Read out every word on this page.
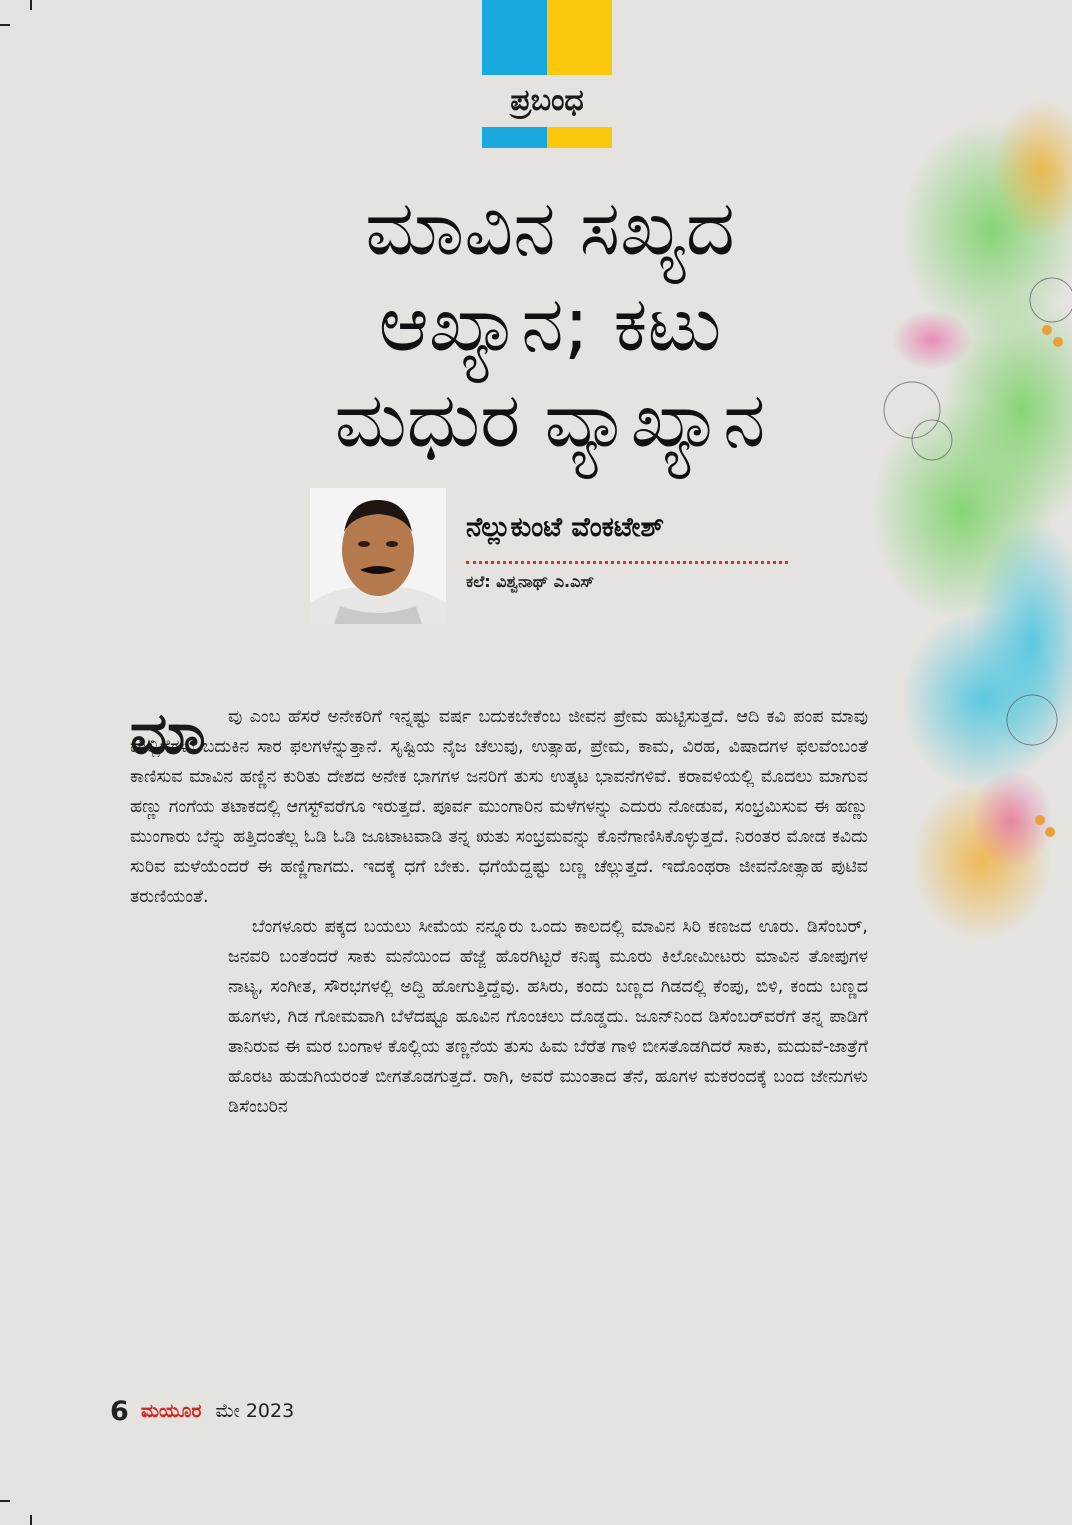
ಪ್ರಬಂಧ
ಮಾವಿನ ಸಖ್ಯದ
ಆಖ್ಯಾನ; ಕಟು
ಮಧುರ ವ್ಯಾಖ್ಯಾನ
ನೆಲ್ಲುಕುಂಟೆ ವೆಂಕಟೇಶ್
ಕಲೆ: ವಿಶ್ವನಾಥ್ ಎ.ಎಸ್
ಮಾ	ವು ಎಂಬ ಹೆಸರೆ ಅನೇಕರಿಗೆ ಇನ್ನಷ್ಟು ವರ್ಷ ಬದುಕಬೇಕೆಂಬ ಜೀವನ ಪ್ರೇಮ ಹುಟ್ಟಿಸುತ್ತದೆ. ಆದಿ ಕವಿ ಪಂಪ ಮಾವು ಮಲ್ಲಿಗೆಗಳು ಬದುಕಿನ ಸಾರ ಫಲಗಳೆನ್ನುತ್ತಾನೆ. ಸೃಷ್ಟಿಯ ನೈಜ ಚೆಲುವು, ಉತ್ಸಾಹ, ಪ್ರೇಮ, ಕಾಮ, ವಿರಹ, ವಿಷಾದಗಳ ಫಲವೆಂಬಂತೆ ಕಾಣಿಸುವ ಮಾವಿನ ಹಣ್ಣಿನ ಕುರಿತು ದೇಶದ ಅನೇಕ ಭಾಗಗಳ ಜನರಿಗೆ ತುಸು ಉತ್ಕಟ ಭಾವನೆಗಳಿವೆ. ಕರಾವಳಿಯಲ್ಲಿ ಮೊದಲು ಮಾಗುವ ಹಣ್ಣು ಗಂಗೆಯ ತಟಾಕದಲ್ಲಿ ಆಗಸ್ಟ್‌ವರೆಗೂ ಇರುತ್ತದೆ. ಪೂರ್ವ ಮುಂಗಾರಿನ ಮಳೆಗಳನ್ನು ಎದುರು ನೋಡುವ, ಸಂಭ್ರಮಿಸುವ ಈ ಹಣ್ಣು ಮುಂಗಾರು ಬೆನ್ನು ಹತ್ತಿದಂತೆಲ್ಲ ಓಡಿ ಓಡಿ ಜೂಟಾಟವಾಡಿ ತನ್ನ ಋತು ಸಂಭ್ರಮವನ್ನು ಕೊನೆಗಾಣಿಸಿಕೊಳ್ಳುತ್ತದೆ. ನಿರಂತರ ಮೋಡ ಕವಿದು ಸುರಿವ ಮಳೆಯೆಂದರೆ ಈ ಹಣ್ಣಿಗಾಗದು. ಇದಕ್ಕೆ ಧಗೆ ಬೇಕು. ಧಗೆಯೆದ್ದಷ್ಟು ಬಣ್ಣ ಚೆಲ್ಲುತ್ತದೆ. ಇದೊಂಥರಾ ಜೀವನೋತ್ಸಾಹ ಪುಟಿವ ತರುಣಿಯಂತೆ.

ಬೆಂಗಳೂರು ಪಕ್ಕದ ಬಯಲು ಸೀಮೆಯ ನನ್ನೂರು ಒಂದು ಕಾಲದಲ್ಲಿ ಮಾವಿನ ಸಿರಿ ಕಣಜದ ಊರು. ಡಿಸೆಂಬರ್, ಜನವರಿ ಬಂತೆಂದರೆ ಸಾಕು ಮನೆಯಿಂದ ಹೆಜ್ಜೆ ಹೊರಗಿಟ್ಟರೆ ಕನಿಷ್ಠ ಮೂರು ಕಿಲೋಮೀಟರು ಮಾವಿನ ತೋಪುಗಳ ನಾಟ್ಯ, ಸಂಗೀತ, ಸೌರಭಗಳಲ್ಲಿ ಅದ್ದಿ ಹೋಗುತ್ತಿದ್ದೆವು. ಹಸಿರು, ಕಂದು ಬಣ್ಣದ ಗಿಡದಲ್ಲಿ ಕೆಂಪು, ಬಿಳಿ, ಕಂದು ಬಣ್ಣದ ಹೂಗಳು, ಗಿಡ ಗೋಮವಾಗಿ ಬೆಳೆದಷ್ಟೂ ಹೂವಿನ ಗೊಂಚಲು ದೊಡ್ಡದು. ಜೂನ್‌ನಿಂದ ಡಿಸೆಂಬರ್‌ವರೆಗೆ ತನ್ನ ಪಾಡಿಗೆ ತಾನಿರುವ ಈ ಮರ ಬಂಗಾಳ ಕೊಲ್ಲಿಯ ತಣ್ಣನೆಯ ತುಸು ಹಿಮ ಬೆರೆತ ಗಾಳಿ ಬೀಸತೊಡಗಿದರೆ ಸಾಕು, ಮದುವೆ-ಜಾತ್ರೆಗೆ ಹೊರಟ ಹುಡುಗಿಯರಂತೆ ಬೀಗತೊಡಗುತ್ತದೆ. ರಾಗಿ, ಅವರೆ ಮುಂತಾದ ತೆನೆ, ಹೂಗಳ ಮಕರಂದಕ್ಕೆ ಬಂದ ಜೇನುಗಳು ಡಿಸೆಂಬರಿನ

6 ಮಯೂರ ಮೇ 2023
